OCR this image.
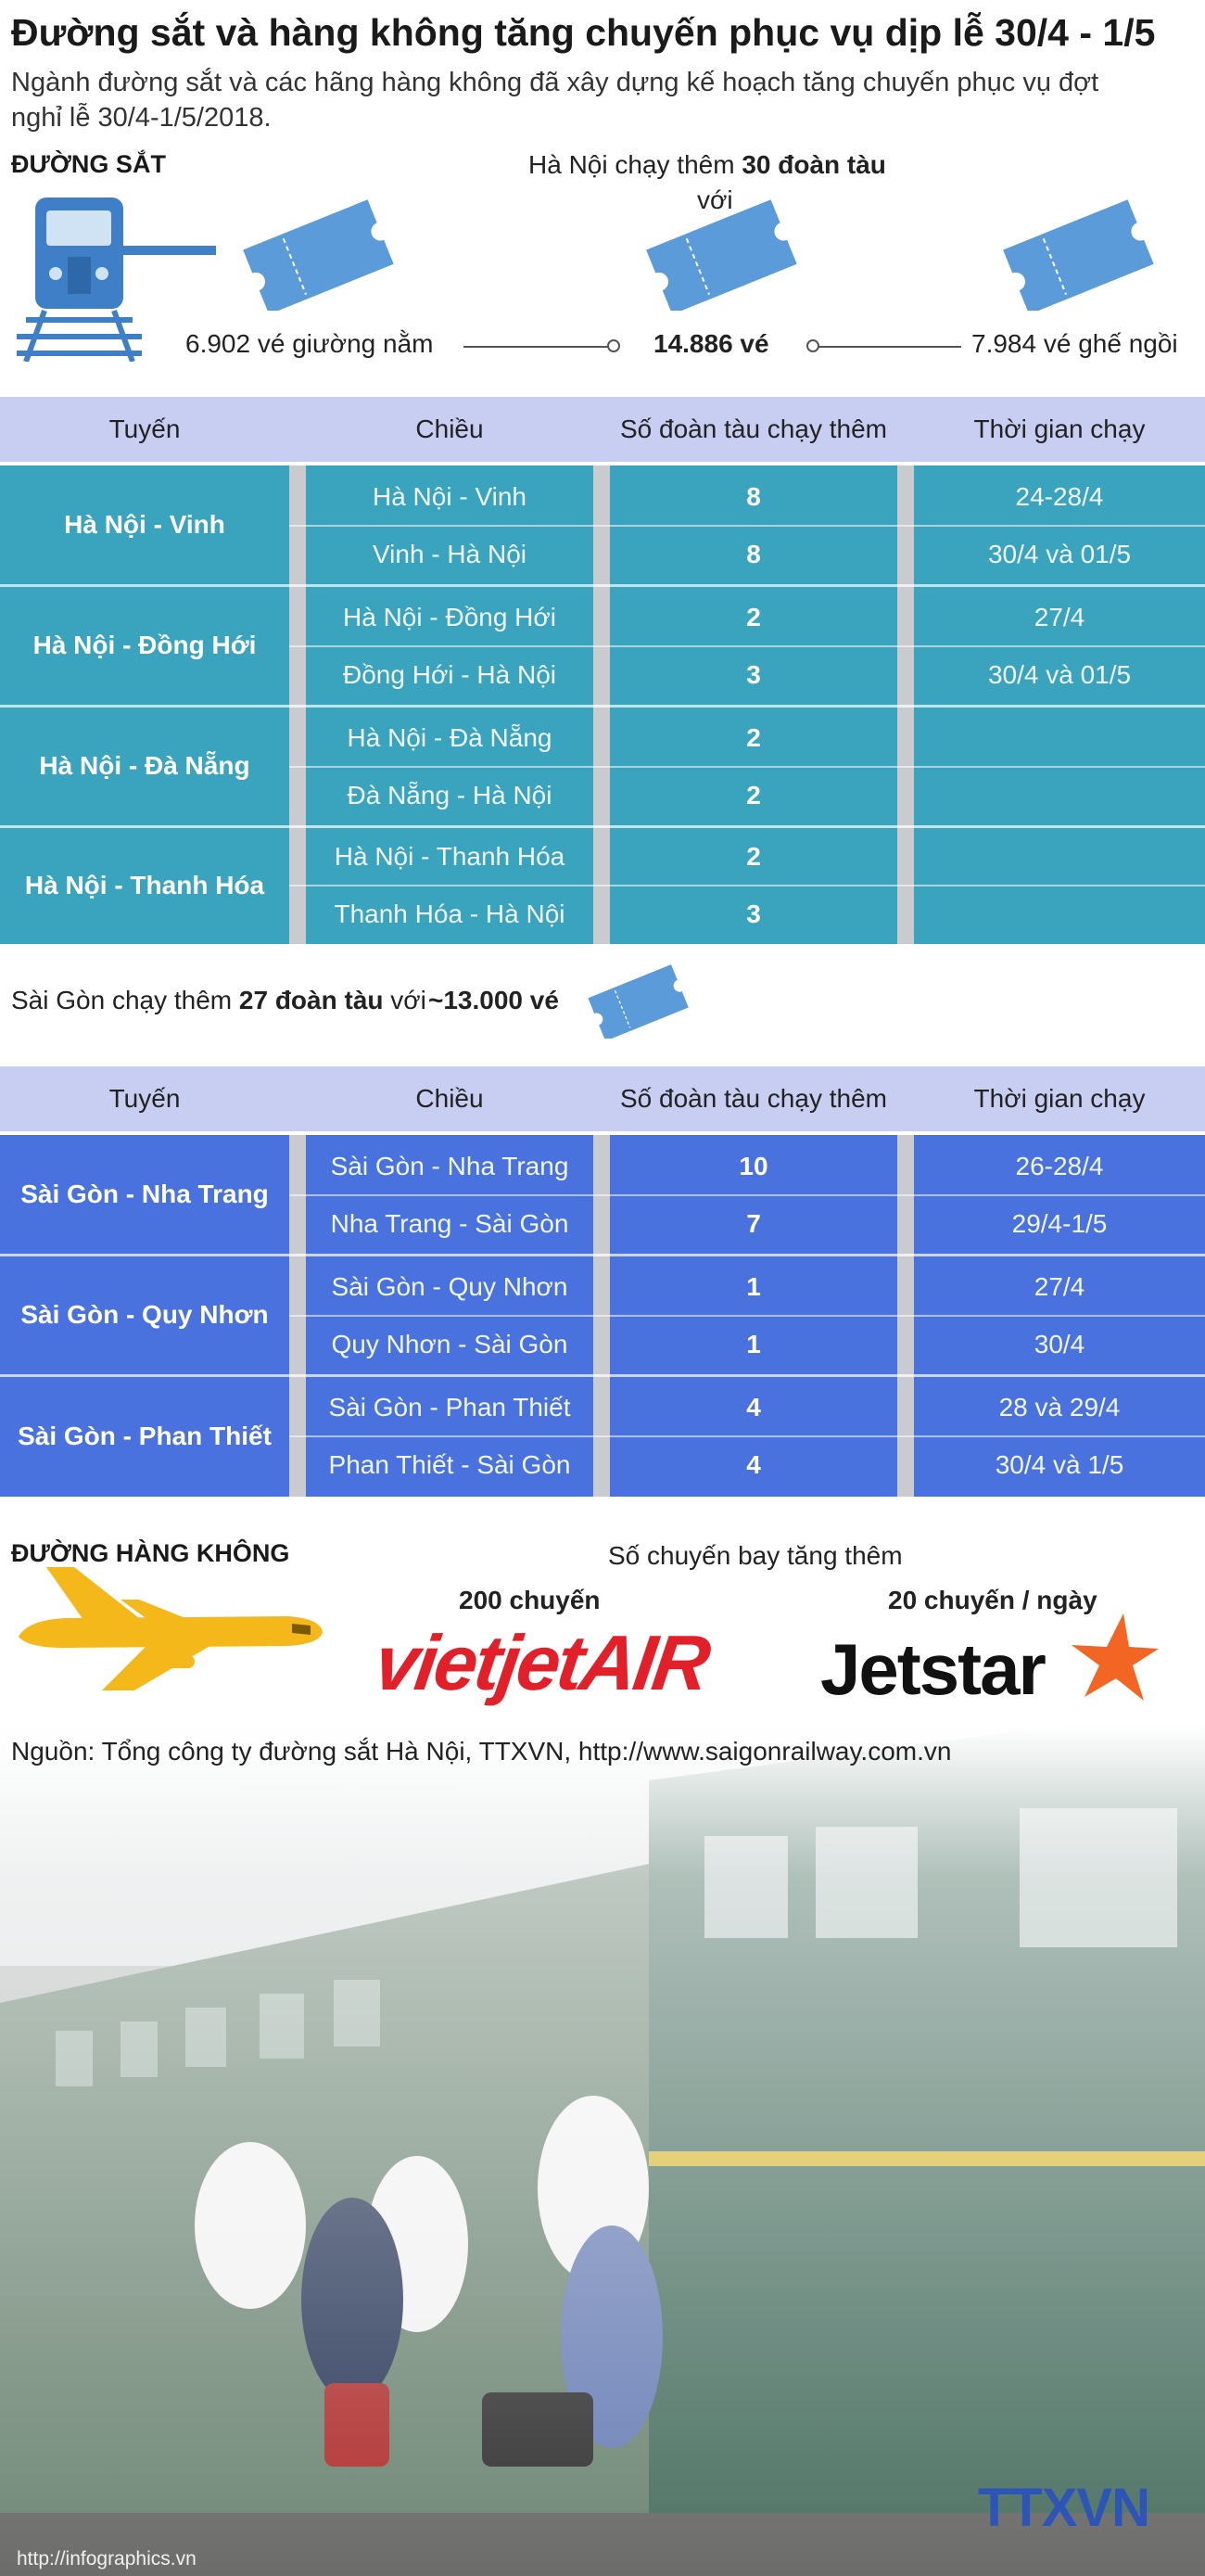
Đường sắt và hàng không tăng chuyến phục vụ dịp lễ 30/4 - 1/5
Ngành đường sắt và các hãng hàng không đã xây dựng kế hoạch tăng chuyến phục vụ đợt nghỉ lễ 30/4-1/5/2018.
ĐƯỜNG SẮT	Hà Nội chạy thêm 30 đoàn tàu
với
6.902 vé giường nằm	14.886 vé	7.984 vé ghế ngồi
Tuyến	Chiều	Số đoàn tàu chạy thêm	Thời gian chạy
Hà Nội - Vinh
Hà Nội - Vinh	8	24-28/4
Vinh - Hà Nội	8	30/4 và 01/5
Hà Nội - Đồng Hới
Hà Nội - Đồng Hới	2	27/4
Đồng Hới - Hà Nội	3	30/4 và 01/5
Hà Nội - Đà Nẵng
Hà Nội - Đà Nẵng	2
Đà Nẵng - Hà Nội	2
Hà Nội - Thanh Hóa
Hà Nội - Thanh Hóa	2
Thanh Hóa - Hà Nội	3
Sài Gòn chạy thêm 27 đoàn tàu với ~13.000 vé
Tuyến	Chiều	Số đoàn tàu chạy thêm	Thời gian chạy
Sài Gòn - Nha Trang
Sài Gòn - Nha Trang	10	26-28/4
Nha Trang - Sài Gòn	7	29/4-1/5
Sài Gòn - Quy Nhơn
Sài Gòn - Quy Nhơn	1	27/4
Quy Nhơn - Sài Gòn	1	30/4
Sài Gòn - Phan Thiết
Sài Gòn - Phan Thiết	4	28 và 29/4
Phan Thiết - Sài Gòn	4	30/4 và 1/5
ĐƯỜNG HÀNG KHÔNG	Số chuyến bay tăng thêm
200 chuyến
vietjetAIR
20 chuyến / ngày
Jetstar
Nguồn: Tổng công ty đường sắt Hà Nội, TTXVN, http://www.saigonrailway.com.vn
TTXVN
http://infographics.vn
